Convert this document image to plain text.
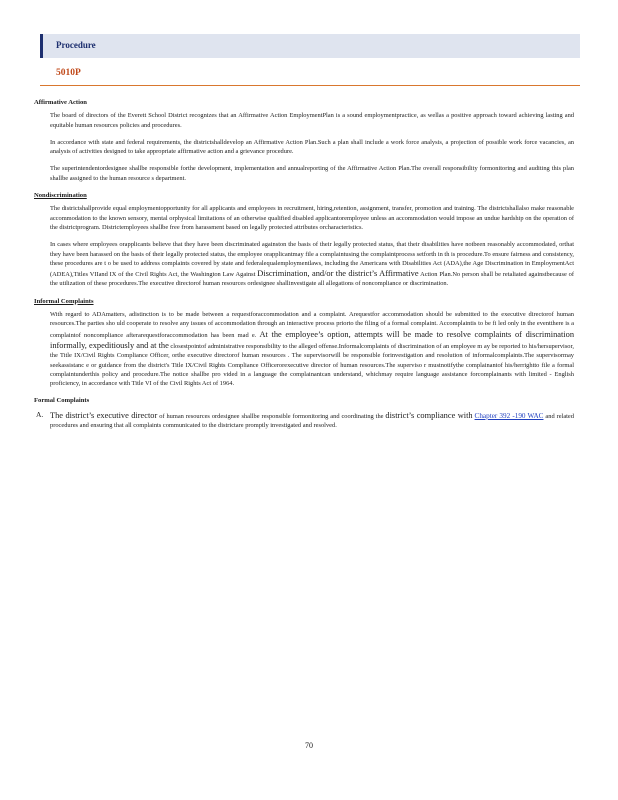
Procedure
5010P
Affirmative Action

The board of directors of the Everett School District recognizes that an Affirmative Action EmploymentPlan is a sound employmentpractice, as wellas a positive approach toward achieving lasting and equitable human resources policies and procedures.

In accordance with state and federal requirements, the districtshalldevelop an Affirmative Action Plan.Such a plan shall include a work force analysis, a projection of possible work force vacancies, an analysis of activities designed to take appropriate affirmative action and a grievance procedure.

The superintendentordesignee shallbe responsible forthe development, implementation and annualreporting of the Affirmative Action Plan.The overall responsibility formonitoring and auditing this plan shallbe assigned to the human resource s department.

Nondiscrimination

The districtshallprovide equal employmentopportunity for all applicants and employees in recruitment, hiring,retention, assignment, transfer, promotion and training. The districtshallalso make reasonable accommodation to the known sensory, mental orphysical limitations of an otherwise qualified disabled applicantoremployee unless an accommodation would impose an undue hardship on the operation of the districtprogram. Districtemployees shallbe free from harassment based on legally protected attributes orcharacteristics.

In cases where employees orapplicants believe that they have been discriminated againston the basis of their legally protected status, that their disabilities have notbeen reasonably accommodated, orthat they have been harassed on the basis of their legally protected status, the employee orapplicantmay file a complaintusing the complaintprocess setforth in th is procedure.To ensure fairness and consistency, these procedures are t o be used to address complaints covered by state and federalequalemploymentlaws, including the Americans with Disabilities Act (ADA),the Age Discrimination in EmploymentAct (ADEA),Titles VIIand IX of the Civil Rights Act, the Washington Law Against Discrimination, and/or the district’s Affirmative Action Plan.No person shall be retaliated againstbecause of the utilization of these procedures.The executive directorof human resources ordesignee shallinvestigate all allegations of noncompliance or discrimination.

Informal Complaints

With regard to ADAmatters, adistinction is to be made between a requestforaccommodation and a complaint. Arequestfor accommodation should be submitted to the executive directorof human resources.The parties sho uld cooperate to resolve any issues of accommodation through an interactive process priorto the filing of a formal complaint. Accomplaintis to be fi led only in the eventthere is a complaintof noncompliance afterarequestforaccommodation has been mad e. At the employee’s option, attempts will be made to resolve complaints of discrimination informally, expeditiously and at the closestpointof administrative responsibility to the alleged offense.Informalcomplaints of discrimination of an employee m ay be reported to his/hersupervisor, the Title IX/Civil Rights Compliance Officer, orthe executive directorof human resources . The supervisorwill be responsible forinvestigation and resolution of informalcomplaints.The supervisormay seekassistanc e or guidance from the district's Title IX/Civil Rights Compliance Officerorexecutive director of human resources.The superviso r mustnotifythe complainantof his/herrightto file a formal complaintunderthis policy and procedure.The notice shallbe pro vided in a language the complainantcan understand, whichmay require language assistance forcomplainants with limited - English proficiency, in accordance with Title VI of the Civil Rights Act of 1964.

Formal Complaints
A. The district’s executive director of human resources ordesignee shallbe responsible formonitoring and coordinating the district’s compliance with Chapter 392 -190 WAC and related procedures and ensuring that all complaints communicated to the districtare promptly investigated and resolved.
70
